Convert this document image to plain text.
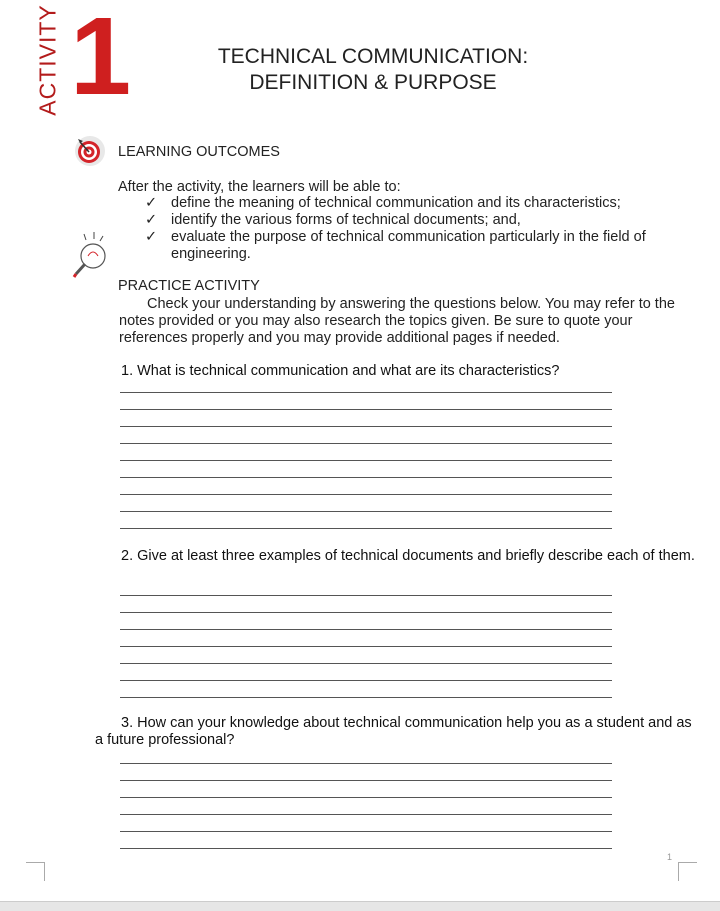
ACTIVITY 1	TECHNICAL COMMUNICATION:
DEFINITION & PURPOSE
LEARNING OUTCOMES
After the activity, the learners will be able to:
✓ define the meaning of technical communication and its characteristics;
✓ identify the various forms of technical documents; and,
✓ evaluate the purpose of technical communication particularly in the field of engineering.
PRACTICE ACTIVITY
Check your understanding by answering the questions below. You may refer to the notes provided or you may also research the topics given. Be sure to quote your references properly and you may provide additional pages if needed.
1. What is technical communication and what are its characteristics?
2. Give at least three examples of technical documents and briefly describe each of them.
3. How can your knowledge about technical communication help you as a student and as a future professional?
1
